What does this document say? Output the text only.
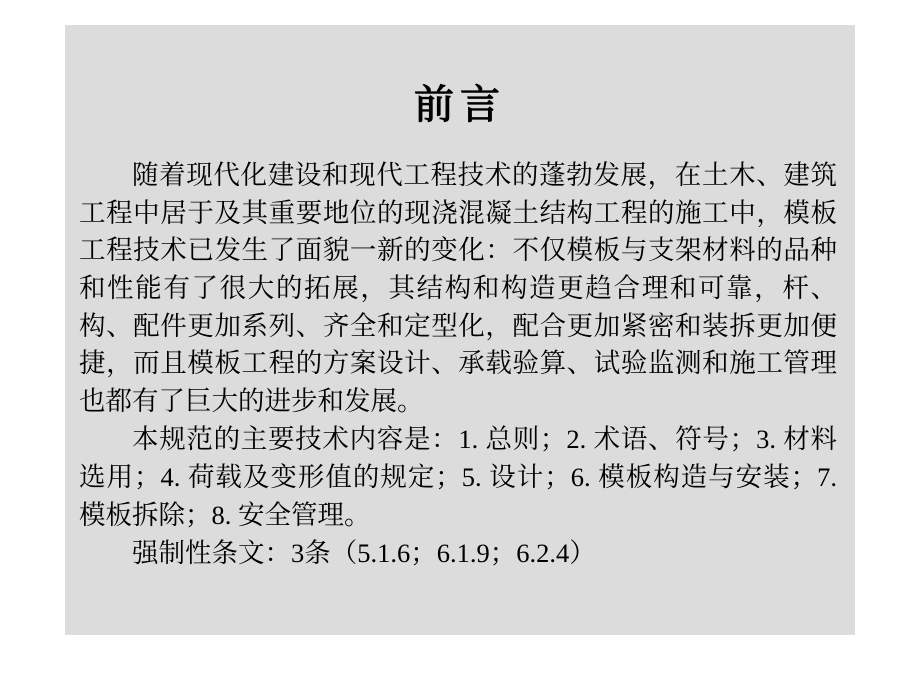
前言

随着现代化建设和现代工程技术的蓬勃发展，在土木、建筑工程中居于及其重要地位的现浇混凝土结构工程的施工中，模板工程技术已发生了面貌一新的变化：不仅模板与支架材料的品种和性能有了很大的拓展，其结构和构造更趋合理和可靠，杆、构、配件更加系列、齐全和定型化，配合更加紧密和装拆更加便捷，而且模板工程的方案设计、承载验算、试验监测和施工管理也都有了巨大的进步和发展。

本规范的主要技术内容是：1. 总则；2. 术语、符号；3. 材料选用；4. 荷载及变形值的规定；5. 设计；6. 模板构造与安装；7. 模板拆除；8. 安全管理。

强制性条文：3条（5.1.6；6.1.9；6.2.4）
